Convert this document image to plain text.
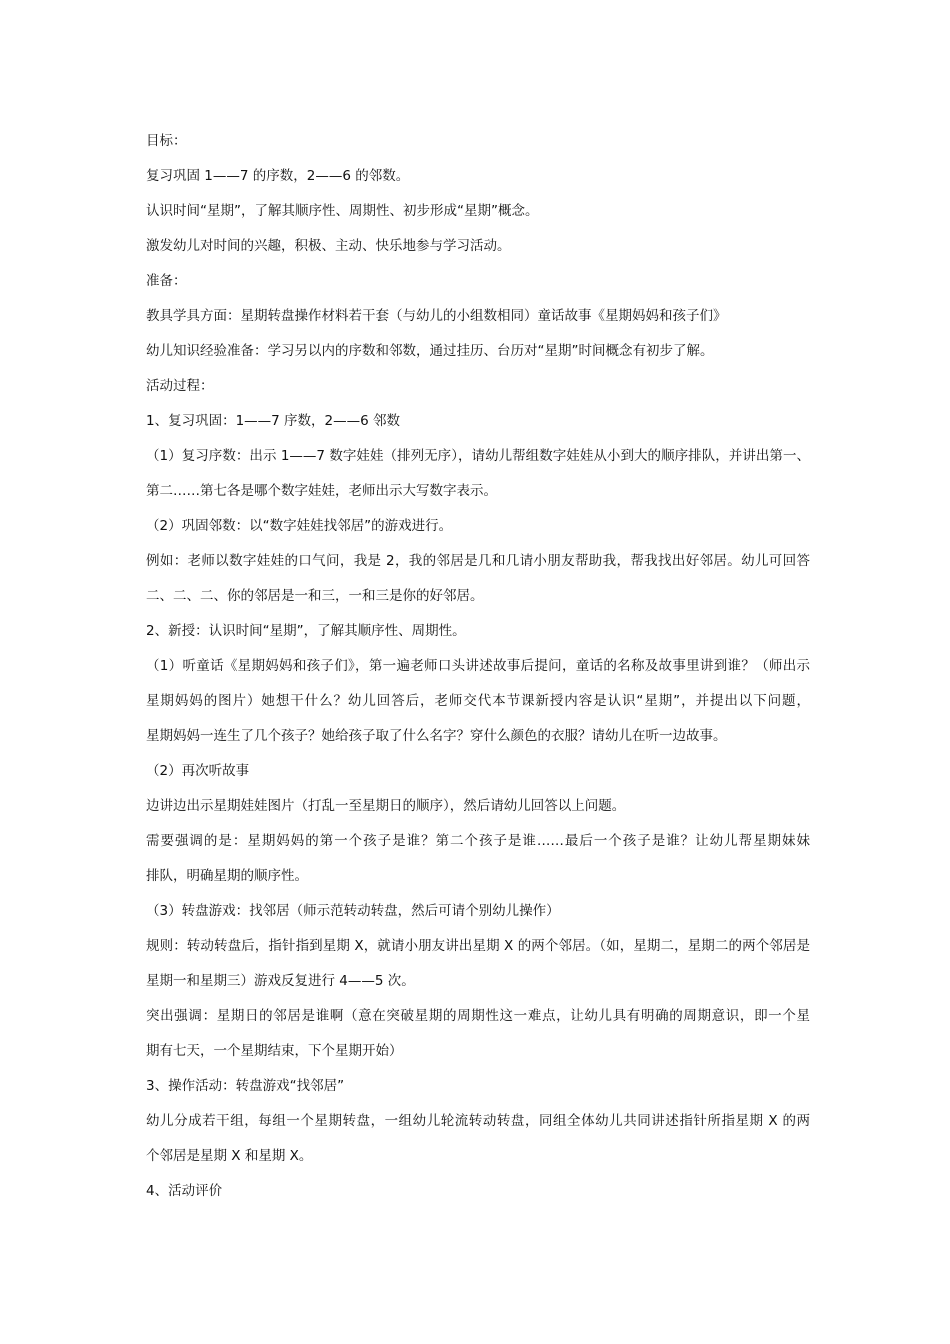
目标：
复习巩固 1——7 的序数，2——6 的邻数。
认识时间“星期”，了解其顺序性、周期性、初步形成“星期”概念。
激发幼儿对时间的兴趣，积极、主动、快乐地参与学习活动。
准备：
教具学具方面：星期转盘操作材料若干套（与幼儿的小组数相同）童话故事《星期妈妈和孩子们》
幼儿知识经验准备：学习另以内的序数和邻数，通过挂历、台历对“星期”时间概念有初步了解。
活动过程：
1、复习巩固：1——7 序数，2——6 邻数
（1）复习序数：出示 1——7 数字娃娃（排列无序），请幼儿帮组数字娃娃从小到大的顺序排队，并讲出第一、
第二……第七各是哪个数字娃娃，老师出示大写数字表示。
（2）巩固邻数：以“数字娃娃找邻居”的游戏进行。
例如：老师以数字娃娃的口气问，我是 2，我的邻居是几和几请小朋友帮助我，帮我找出好邻居。幼儿可回答
二、二、二、你的邻居是一和三，一和三是你的好邻居。
2、新授：认识时间“星期”，了解其顺序性、周期性。
（1）听童话《星期妈妈和孩子们》，第一遍老师口头讲述故事后提问，童话的名称及故事里讲到谁？（师出示
星期妈妈的图片）她想干什么？幼儿回答后，老师交代本节课新授内容是认识“星期”，并提出以下问题，
星期妈妈一连生了几个孩子？她给孩子取了什么名字？穿什么颜色的衣服？请幼儿在听一边故事。
（2）再次听故事
边讲边出示星期娃娃图片（打乱一至星期日的顺序），然后请幼儿回答以上问题。
需要强调的是：星期妈妈的第一个孩子是谁？第二个孩子是谁……最后一个孩子是谁？让幼儿帮星期妹妹
排队，明确星期的顺序性。
（3）转盘游戏：找邻居（师示范转动转盘，然后可请个别幼儿操作）
规则：转动转盘后，指针指到星期 X，就请小朋友讲出星期 X 的两个邻居。（如，星期二，星期二的两个邻居是
星期一和星期三）游戏反复进行 4——5 次。
突出强调：星期日的邻居是谁啊（意在突破星期的周期性这一难点，让幼儿具有明确的周期意识，即一个星
期有七天，一个星期结束，下个星期开始）
3、操作活动：转盘游戏“找邻居”
幼儿分成若干组，每组一个星期转盘，一组幼儿轮流转动转盘，同组全体幼儿共同讲述指针所指星期 X 的两
个邻居是星期 X 和星期 X。
4、活动评价
